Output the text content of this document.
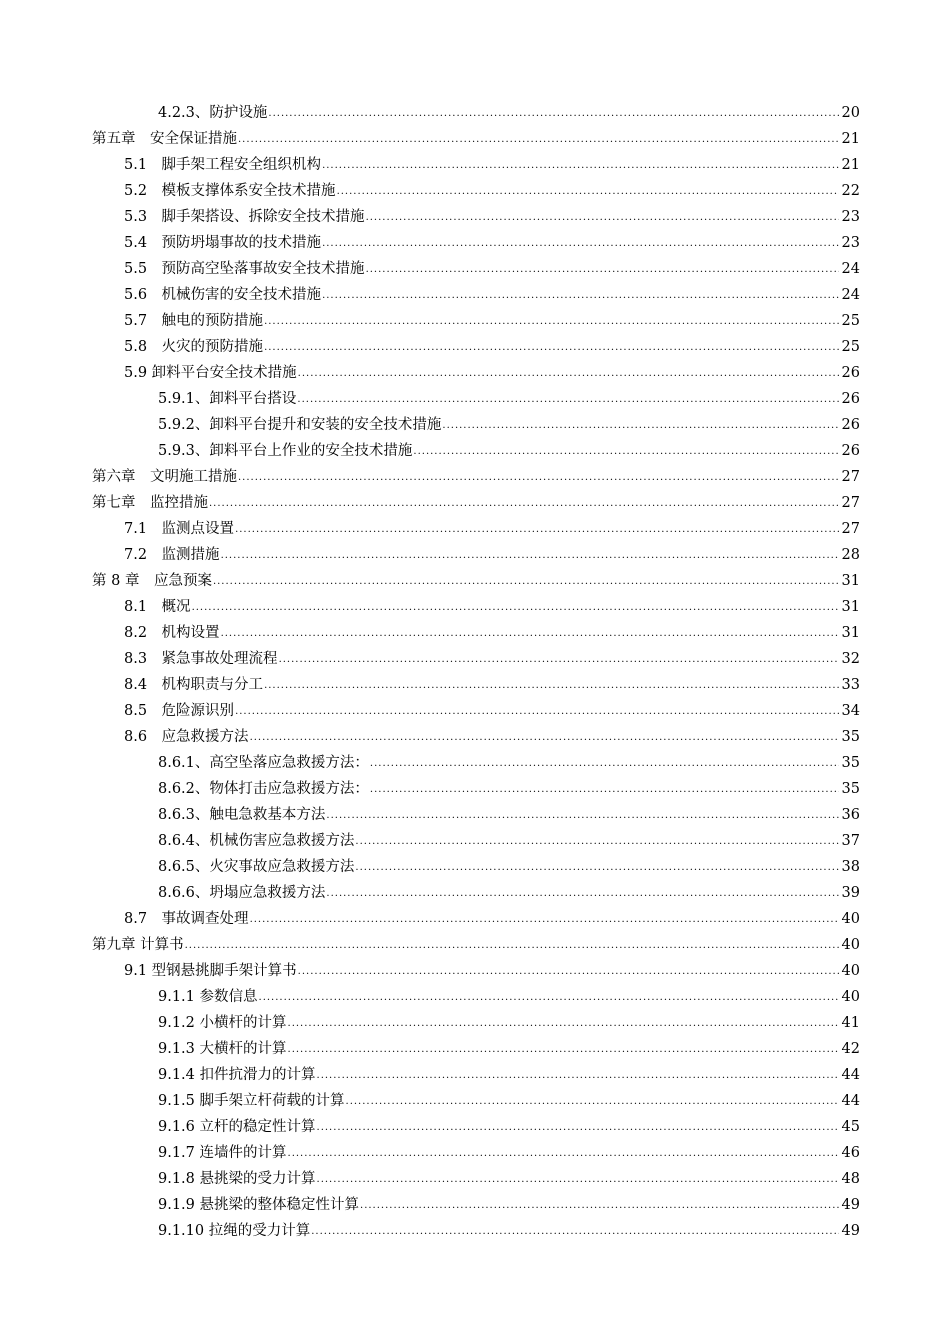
4.2.3、防护设施 .....	20
第五章　安全保证措施 .....	21
5.1　脚手架工程安全组织机构 .....	21
5.2　模板支撑体系安全技术措施 .....	22
5.3　脚手架搭设、拆除安全技术措施 .....	23
5.4　预防坍塌事故的技术措施 .....	23
5.5　预防高空坠落事故安全技术措施 .....	24
5.6　机械伤害的安全技术措施 .....	24
5.7　触电的预防措施 .....	25
5.8　火灾的预防措施 .....	25
5.9 卸料平台安全技术措施 .....	26
5.9.1、卸料平台搭设 .....	26
5.9.2、卸料平台提升和安装的安全技术措施 .....	26
5.9.3、卸料平台上作业的安全技术措施 .....	26
第六章　文明施工措施 .....	27
第七章　监控措施 .....	27
7.1　监测点设置 .....	27
7.2　监测措施 .....	28
第 8 章　应急预案 .....	31
8.1　概况 .....	31
8.2　机构设置 .....	31
8.3　紧急事故处理流程 .....	32
8.4　机构职责与分工 .....	33
8.5　危险源识别 .....	34
8.6　应急救援方法 .....	35
8.6.1、高空坠落应急救援方法： .....	35
8.6.2、物体打击应急救援方法： .....	35
8.6.3、触电急救基本方法 .....	36
8.6.4、机械伤害应急救援方法 .....	37
8.6.5、火灾事故应急救援方法 .....	38
8.6.6、坍塌应急救援方法 .....	39
8.7　事故调查处理 .....	40
第九章 计算书 .....	40
9.1 型钢悬挑脚手架计算书 .....	40
9.1.1 参数信息 .....	40
9.1.2 小横杆的计算 .....	41
9.1.3 大横杆的计算 .....	42
9.1.4 扣件抗滑力的计算 .....	44
9.1.5 脚手架立杆荷载的计算 .....	44
9.1.6 立杆的稳定性计算 .....	45
9.1.7 连墙件的计算 .....	46
9.1.8 悬挑梁的受力计算 .....	48
9.1.9 悬挑梁的整体稳定性计算 .....	49
9.1.10 拉绳的受力计算 .....	49
